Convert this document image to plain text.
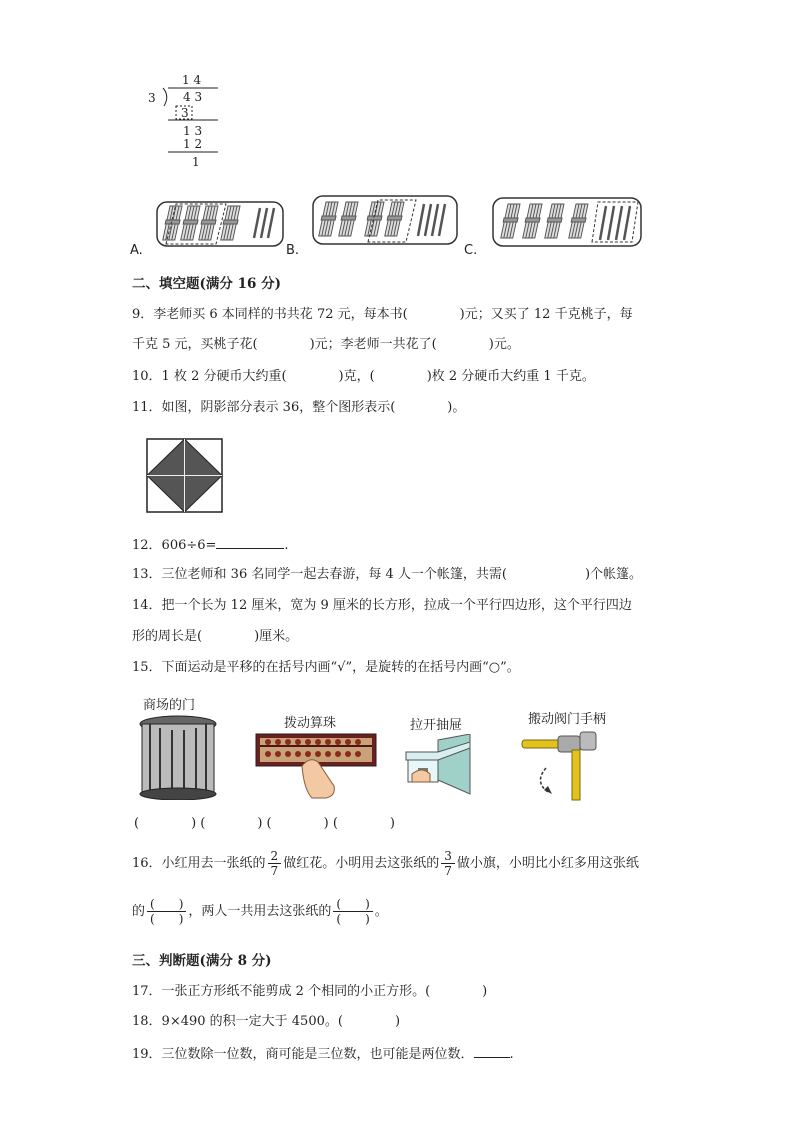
3
1 4
4 3
3
1 3
1 2
1
A.	B.	C.
二、填空题(满分 16 分)
9．李老师买 6 本同样的书共花 72 元，每本书(　　　　)元；又买了 12 千克桃子，每
千克 5 元，买桃子花(　　　　)元；李老师一共花了(　　　　)元。
10．1 枚 2 分硬币大约重(　　　　)克，(　　　　)枚 2 分硬币大约重 1 千克。
11．如图，阴影部分表示 36，整个图形表示(　　　　)。
12．606÷6=	.
13．三位老师和 36 名同学一起去春游，每 4 人一个帐篷，共需(　　　　　　)个帐篷。
14．把一个长为 12 厘米，宽为 9 厘米的长方形，拉成一个平行四边形，这个平行四边
形的周长是(　　　　)厘米。
15．下面运动是平移的在括号内画“√”，是旋转的在括号内画“○”。
商场的门
拨动算珠	拉开抽屉	搬动阀门手柄
(　　　　) (　　　　) (　　　　) (　　　　)
16．小红用去一张纸的 $\frac{2}{7}$ 做红花。小明用去这张纸的 $\frac{3}{7}$ 做小旗，小明比小红多用这张纸
的 $\frac{( )}{( )}$ ，两人一共用去这张纸的 $\frac{( )}{( )}$ 。
三、判断题(满分 8 分)
17．一张正方形纸不能剪成 2 个相同的小正方形。(　　　　)
18．9×490 的积一定大于 4500。(　　　　)
19．三位数除一位数，商可能是三位数，也可能是两位数．	.
